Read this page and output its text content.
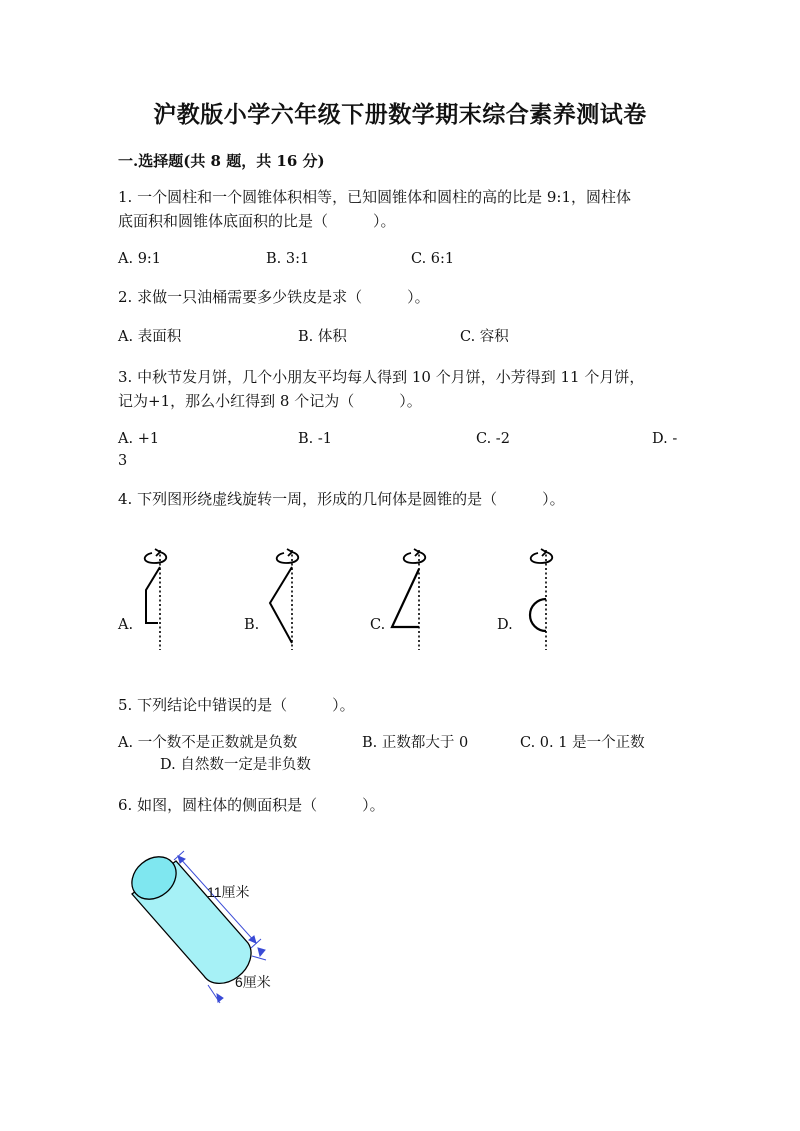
沪教版小学六年级下册数学期末综合素养测试卷
一.选择题(共 8 题，共 16 分)
1. 一个圆柱和一个圆锥体积相等，已知圆锥体和圆柱的高的比是 9:1，圆柱体
底面积和圆锥体底面积的比是（　　　）。
A. 9:1	B. 3:1	C. 6:1
2. 求做一只油桶需要多少铁皮是求（　　　）。
A. 表面积	B. 体积	C. 容积
3. 中秋节发月饼，几个小朋友平均每人得到 10 个月饼，小芳得到 11 个月饼，
记为+1，那么小红得到 8 个记为（　　　）。
A. +1	B. -1	C. -2	D. -
3
4. 下列图形绕虚线旋转一周，形成的几何体是圆锥的是（　　　）。
A.	B.	C.	D.
5. 下列结论中错误的是（　　　）。
A. 一个数不是正数就是负数	B. 正数都大于 0	C. 0. 1 是一个正数
D. 自然数一定是非负数
6. 如图，圆柱体的侧面积是（　　　）。
11厘米
6厘米
